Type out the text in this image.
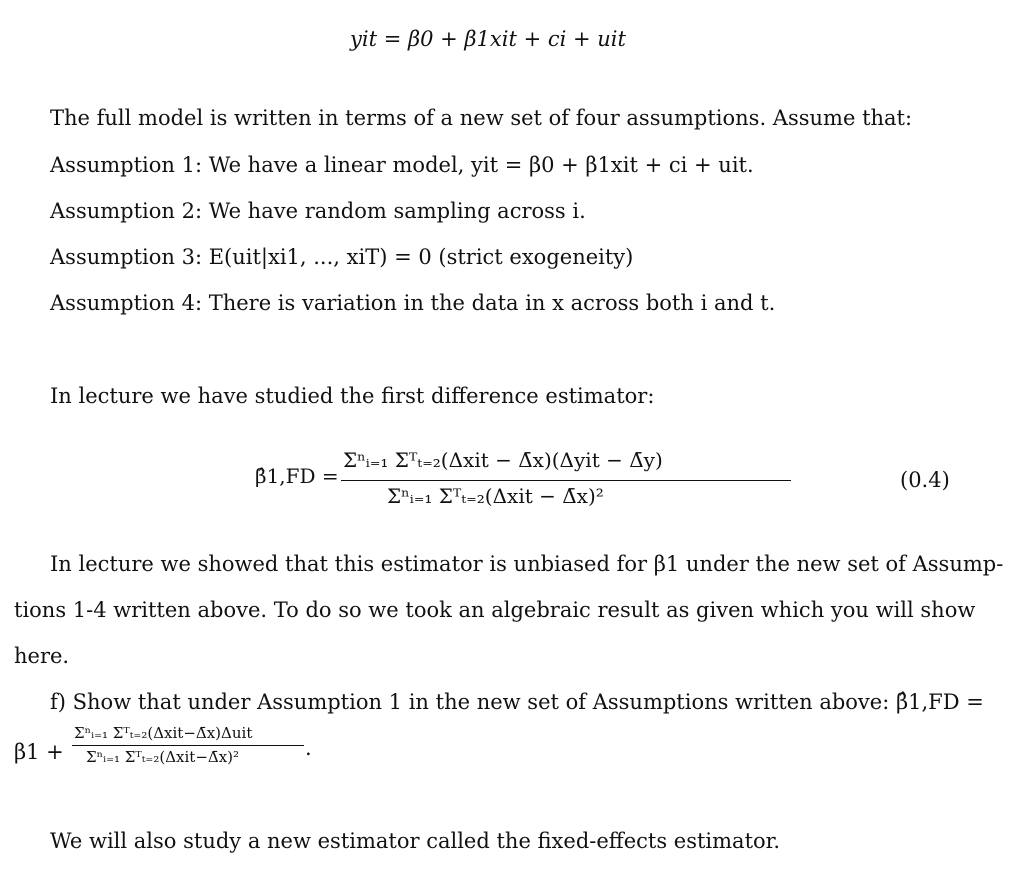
yit = β0 + β1xit + ci + uit
The full model is written in terms of a new set of four assumptions. Assume that:
Assumption 1: We have a linear model, yit = β0 + β1xit + ci + uit.
Assumption 2: We have random sampling across i.
Assumption 3: E(uit|xi1, ..., xiT) = 0 (strict exogeneity)
Assumption 4: There is variation in the data in x across both i and t.
In lecture we have studied the first difference estimator:
β̂1,FD =
Σⁿᵢ₌₁ Σᵀₜ₌₂(Δxit − Δ̄x)(Δyit − Δ̄y)
Σⁿᵢ₌₁ Σᵀₜ₌₂(Δxit − Δ̄x)²
(0.4)
In lecture we showed that this estimator is unbiased for β1 under the new set of Assump-
tions 1-4 written above. To do so we took an algebraic result as given which you will show
here.
f) Show that under Assumption 1 in the new set of Assumptions written above: β̂1,FD =
β1 +
Σⁿᵢ₌₁ Σᵀₜ₌₂(Δxit−Δ̄x)Δuit
Σⁿᵢ₌₁ Σᵀₜ₌₂(Δxit−Δ̄x)²	.
We will also study a new estimator called the fixed-effects estimator.
